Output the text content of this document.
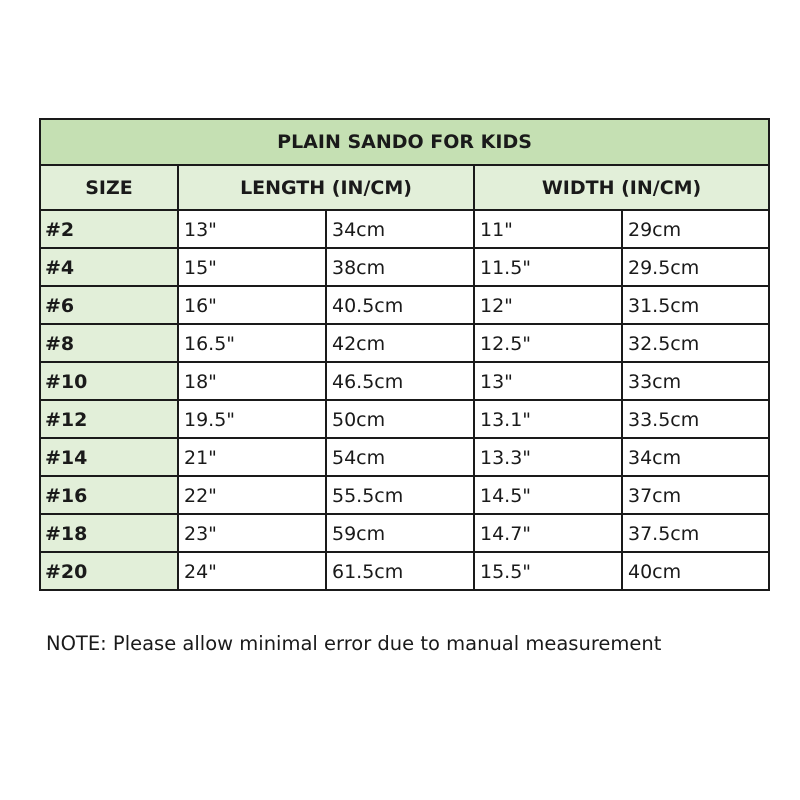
PLAIN SANDO FOR KIDS				
SIZE	LENGTH (IN/CM)		WIDTH (IN/CM)	
#2	13"	34cm	11"	29cm
#4	15"	38cm	11.5"	29.5cm
#6	16"	40.5cm	12"	31.5cm
#8	16.5"	42cm	12.5"	32.5cm
#10	18"	46.5cm	13"	33cm
#12	19.5"	50cm	13.1"	33.5cm
#14	21"	54cm	13.3"	34cm
#16	22"	55.5cm	14.5"	37cm
#18	23"	59cm	14.7"	37.5cm
#20	24"	61.5cm	15.5"	40cm
NOTE: Please allow minimal error due to manual measurement
